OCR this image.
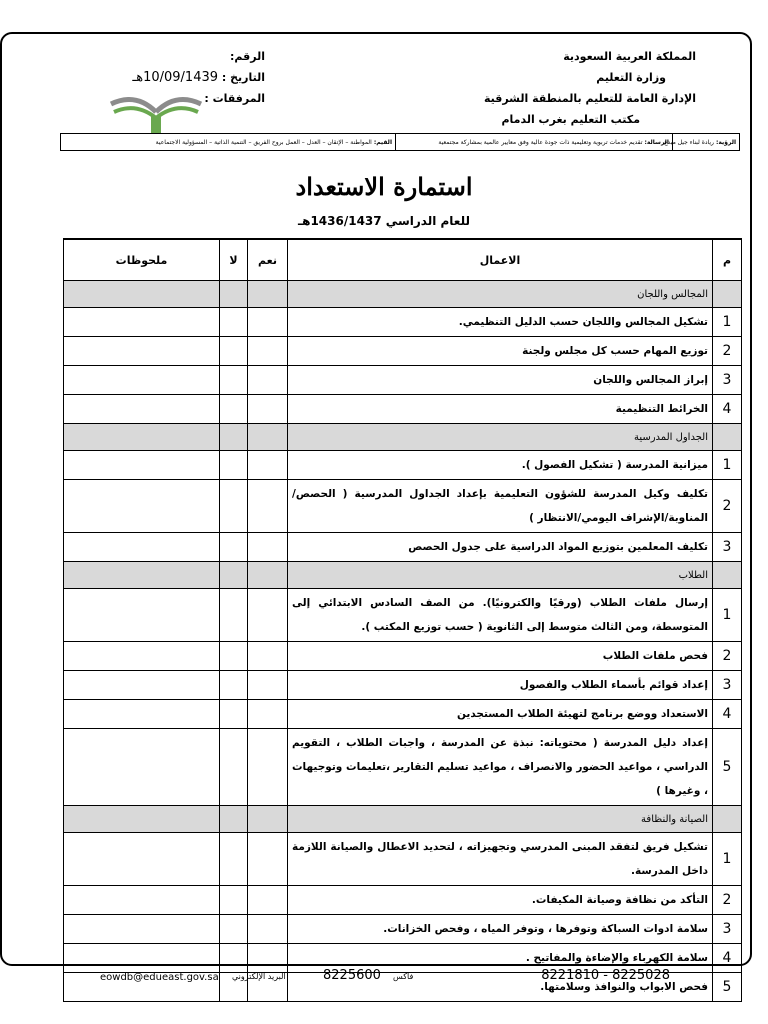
المملكة العربية السعودية
وزارة التعليم
الإدارة العامة للتعليم بالمنطقة الشرقية
مكتب التعليم بغرب الدمام
الرقم:
التاريخ : 10/09/1439هـ
المرفقات :
الرؤية:ريادة لبناء جيل مبدع
الرسالة:
تقديم خدمات تربوية وتعليمية ذات جودة عالية وفق معايير عالمية بمشاركة مجتمعية
القيم:
المواطنة – الإتقان – العدل – العمل بروح الفريق – التنمية الذاتية – المسؤولية الاجتماعية
استمارة الاستعداد
للعام الدراسي 1436/1437هـ
م	الاعمال	نعم	لا	ملحوظات
	المجالس واللجان			
1	تشكيل المجالس واللجان حسب الدليل التنظيمي.			
2	توزيع المهام حسب كل مجلس ولجنة			
3	إبراز المجالس واللجان			
4	الخرائط التنظيمية			
	الجداول المدرسية			
1	ميزانية المدرسة ( تشكيل الفصول ).			
2	تكليف وكيل المدرسة للشؤون التعليمية بإعداد الجداول المدرسية ( الحصص/المناوبة/الإشراف اليومي/الانتظار )			
3	تكليف المعلمين بتوزيع المواد الدراسية على جدول الحصص			
	الطلاب			
1	إرسال ملفات الطلاب (ورقيًا والكترونيًا). من الصف السادس الابتدائي إلى المتوسطة، ومن الثالث متوسط إلى الثانوية ( حسب توزيع المكتب ).			
2	فحص ملفات الطلاب			
3	إعداد قوائم بأسماء الطلاب والفصول			
4	الاستعداد ووضع برنامج لتهيئة الطلاب المستجدين			
5	إعداد دليل المدرسة ( محتوياته: نبذة عن المدرسة ، واجبات الطلاب ، التقويم الدراسي ، مواعيد الحضور والانصراف ، مواعيد تسليم التقارير ،تعليمات وتوجيهات ، وغيرها )			
	الصيانة والنظافة			
1	تشكيل فريق لتفقد المبنى المدرسي وتجهيزاته ، لتحديد الاعطال والصيانة اللازمة داخل المدرسة.			
2	التأكد من نظافة وصيانة المكيفات.			
3	سلامة ادوات السباكة وتوفرها ، وتوفر المياه ، وفحص الخزانات.			
4	سلامة الكهرباء والإضاءة والمفاتيح .			
5	فحص الابواب والنوافذ وسلامتها.			
8221810 - 8225028
فاكس
8225600
البريد الإلكتروني
eowdb@edueast.gov.sa
